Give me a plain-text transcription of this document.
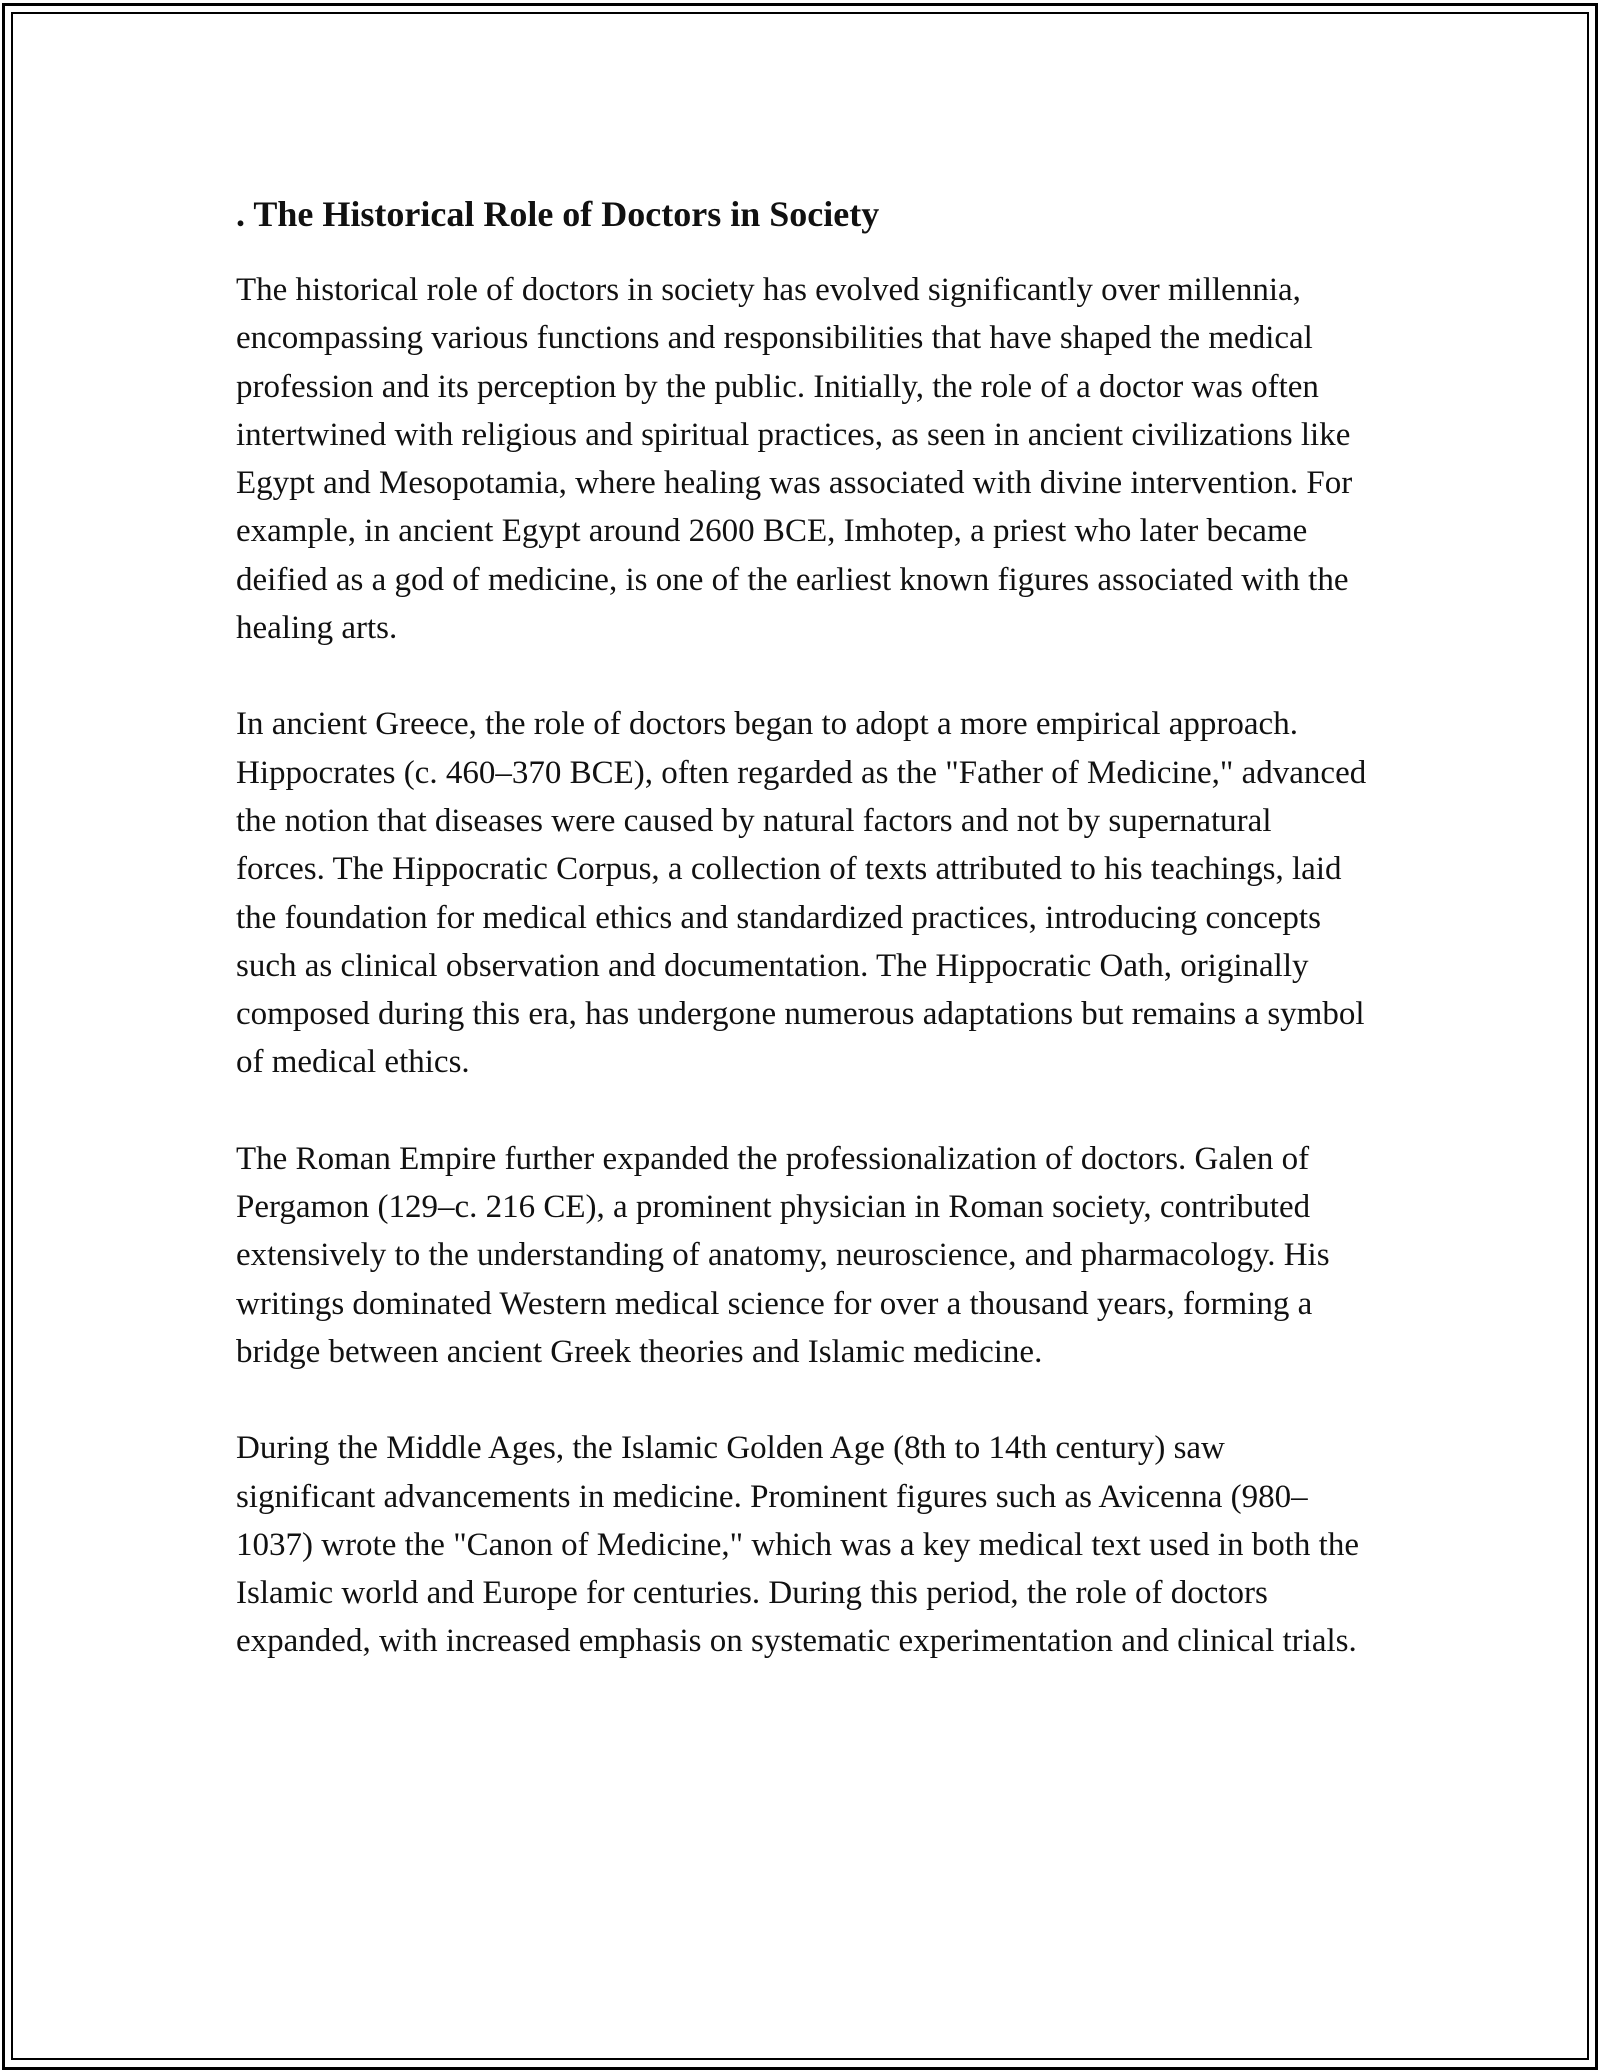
. The Historical Role of Doctors in Society

The historical role of doctors in society has evolved significantly over millennia, encompassing various functions and responsibilities that have shaped the medical profession and its perception by the public. Initially, the role of a doctor was often intertwined with religious and spiritual practices, as seen in ancient civilizations like Egypt and Mesopotamia, where healing was associated with divine intervention. For example, in ancient Egypt around 2600 BCE, Imhotep, a priest who later became deified as a god of medicine, is one of the earliest known figures associated with the healing arts.

In ancient Greece, the role of doctors began to adopt a more empirical approach. Hippocrates (c. 460–370 BCE), often regarded as the "Father of Medicine," advanced the notion that diseases were caused by natural factors and not by supernatural forces. The Hippocratic Corpus, a collection of texts attributed to his teachings, laid the foundation for medical ethics and standardized practices, introducing concepts such as clinical observation and documentation. The Hippocratic Oath, originally composed during this era, has undergone numerous adaptations but remains a symbol of medical ethics.

The Roman Empire further expanded the professionalization of doctors. Galen of Pergamon (129–c. 216 CE), a prominent physician in Roman society, contributed extensively to the understanding of anatomy, neuroscience, and pharmacology. His writings dominated Western medical science for over a thousand years, forming a bridge between ancient Greek theories and Islamic medicine.

During the Middle Ages, the Islamic Golden Age (8th to 14th century) saw significant advancements in medicine. Prominent figures such as Avicenna (980–1037) wrote the "Canon of Medicine," which was a key medical text used in both the Islamic world and Europe for centuries. During this period, the role of doctors expanded, with increased emphasis on systematic experimentation and clinical trials.
